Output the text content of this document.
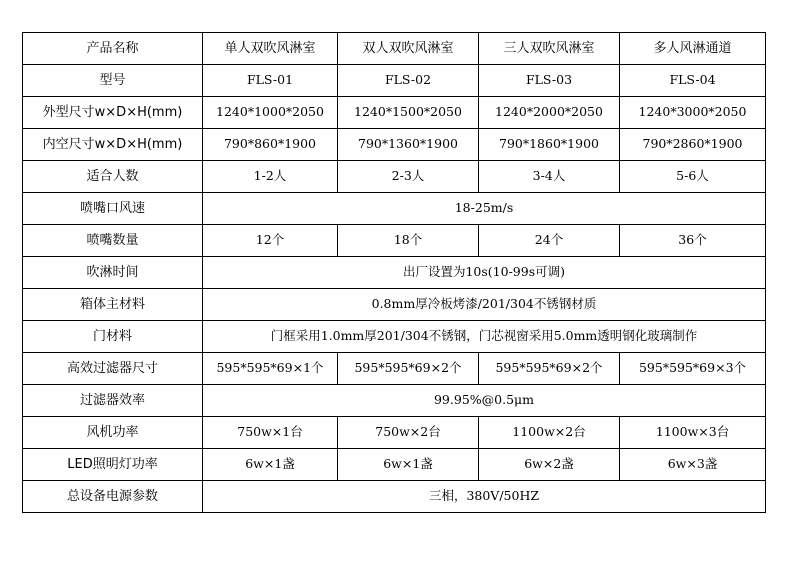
产品名称	单人双吹风淋室	双人双吹风淋室	三人双吹风淋室	多人风淋通道
型号	FLS-01	FLS-02	FLS-03	FLS-04
外型尺寸w×D×H(mm)	1240*1000*2050	1240*1500*2050	1240*2000*2050	1240*3000*2050
内空尺寸w×D×H(mm)	790*860*1900	790*1360*1900	790*1860*1900	790*2860*1900
适合人数	1-2人	2-3人	3-4人	5-6人
喷嘴口风速	18-25m/s			
喷嘴数量	12个	18个	24个	36个
吹淋时间	出厂设置为10s(10-99s可调)			
箱体主材料	0.8mm厚冷板烤漆/201/304不锈钢材质			
门材料	门框采用1.0mm厚201/304不锈钢，门芯视窗采用5.0mm透明钢化玻璃制作			
高效过滤器尺寸	595*595*69×1个	595*595*69×2个	595*595*69×2个	595*595*69×3个
过滤器效率	99.95%@0.5μm			
风机功率	750w×1台	750w×2台	1100w×2台	1100w×3台
LED照明灯功率	6w×1盏	6w×1盏	6w×2盏	6w×3盏
总设备电源参数	三相，380V/50HZ			
